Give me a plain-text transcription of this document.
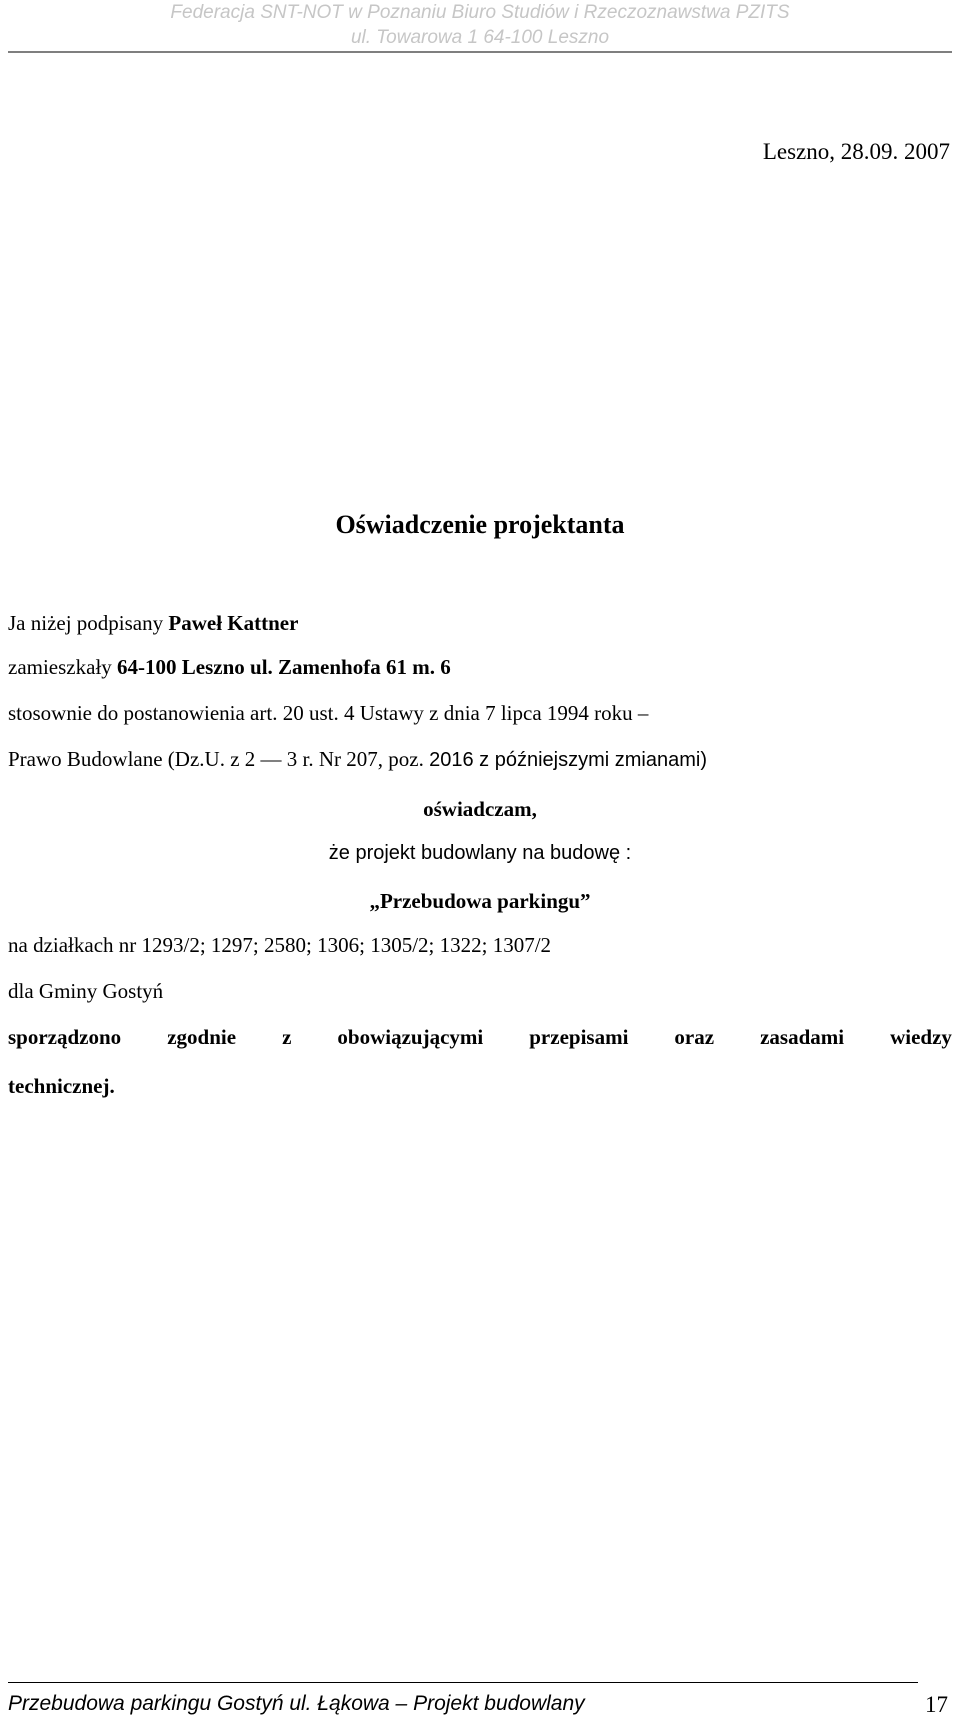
Federacja SNT-NOT w Poznaniu Biuro Studiów i Rzeczoznawstwa PZITS
ul. Towarowa 1 64-100 Leszno
Leszno, 28.09. 2007
Oświadczenie projektanta
Ja niżej podpisany Paweł Kattner
zamieszkały 64-100 Leszno ul. Zamenhofa 61 m. 6
stosownie do postanowienia art. 20 ust. 4 Ustawy z dnia 7 lipca 1994 roku –
Prawo Budowlane (Dz.U. z 2 — 3 r. Nr 207, poz. 2016 z późniejszymi zmianami)
oświadczam,
że projekt budowlany na budowę :
„Przebudowa parkingu”
na działkach nr 1293/2; 1297; 2580; 1306; 1305/2; 1322; 1307/2
dla Gminy Gostyń
sporządzono zgodnie z obowiązującymi przepisami oraz zasadami wiedzy
technicznej.
Przebudowa parkingu Gostyń ul. Łąkowa – Projekt budowlany	17
